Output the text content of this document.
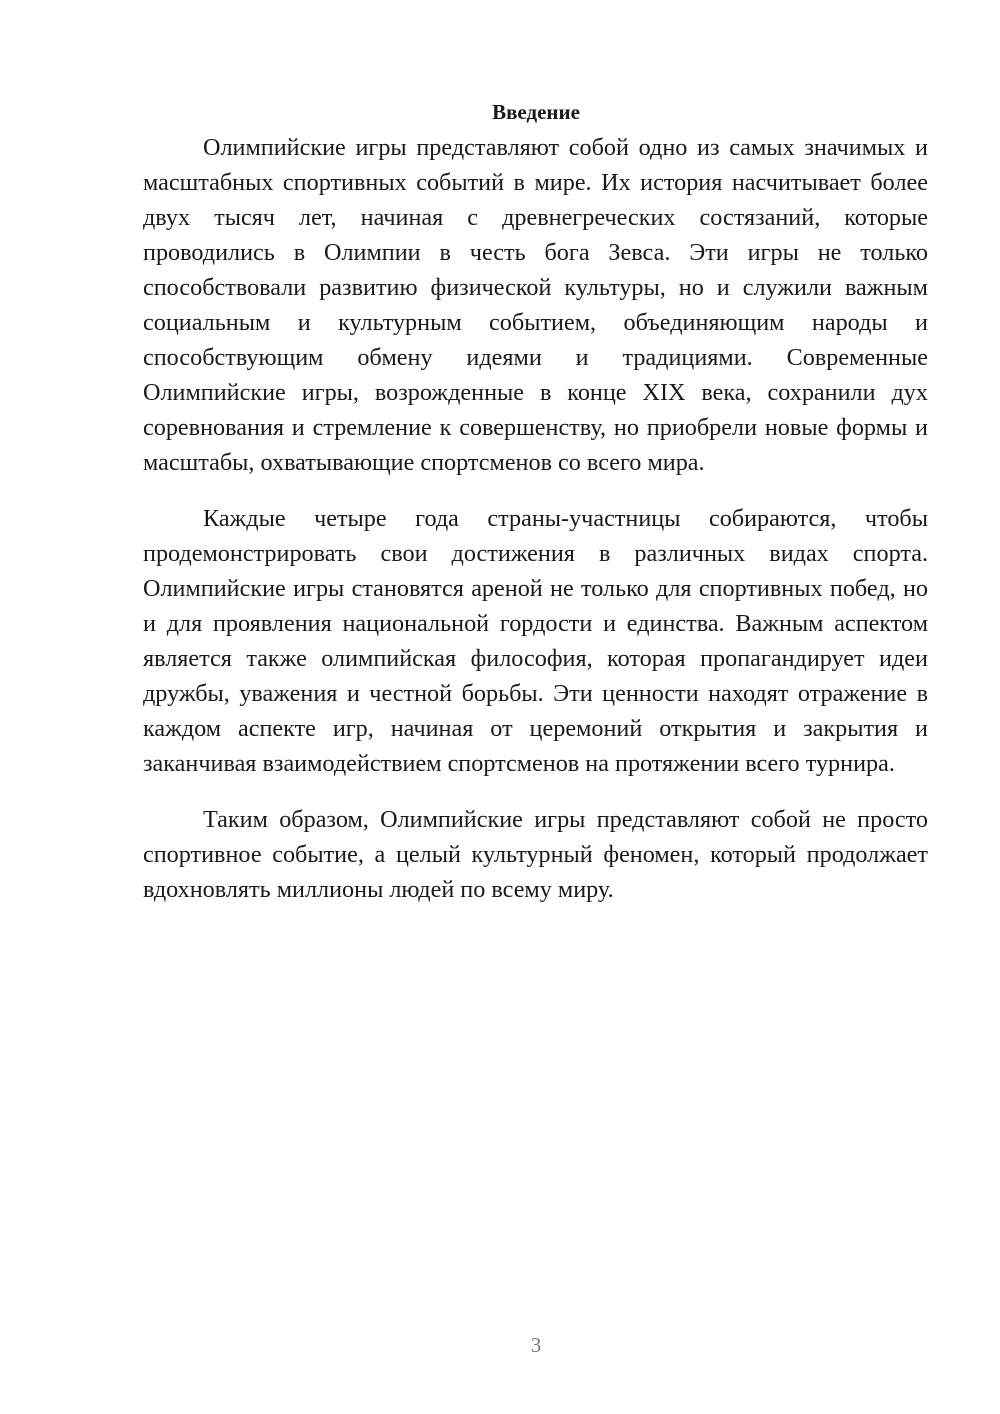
Введение

Олимпийские игры представляют собой одно из самых значимых и масштабных спортивных событий в мире. Их история насчитывает более двух тысяч лет, начиная с древнегреческих состязаний, которые проводились в Олимпии в честь бога Зевса. Эти игры не только способствовали развитию физической культуры, но и служили важным социальным и культурным событием, объединяющим народы и способствующим обмену идеями и традициями. Современные Олимпийские игры, возрожденные в конце XIX века, сохранили дух соревнования и стремление к совершенству, но приобрели новые формы и масштабы, охватывающие спортсменов со всего мира.

Каждые четыре года страны-участницы собираются, чтобы продемонстрировать свои достижения в различных видах спорта. Олимпийские игры становятся ареной не только для спортивных побед, но и для проявления национальной гордости и единства. Важным аспектом является также олимпийская философия, которая пропагандирует идеи дружбы, уважения и честной борьбы. Эти ценности находят отражение в каждом аспекте игр, начиная от церемоний открытия и закрытия и заканчивая взаимодействием спортсменов на протяжении всего турнира.

Таким образом, Олимпийские игры представляют собой не просто спортивное событие, а целый культурный феномен, который продолжает вдохновлять миллионы людей по всему миру.

3
